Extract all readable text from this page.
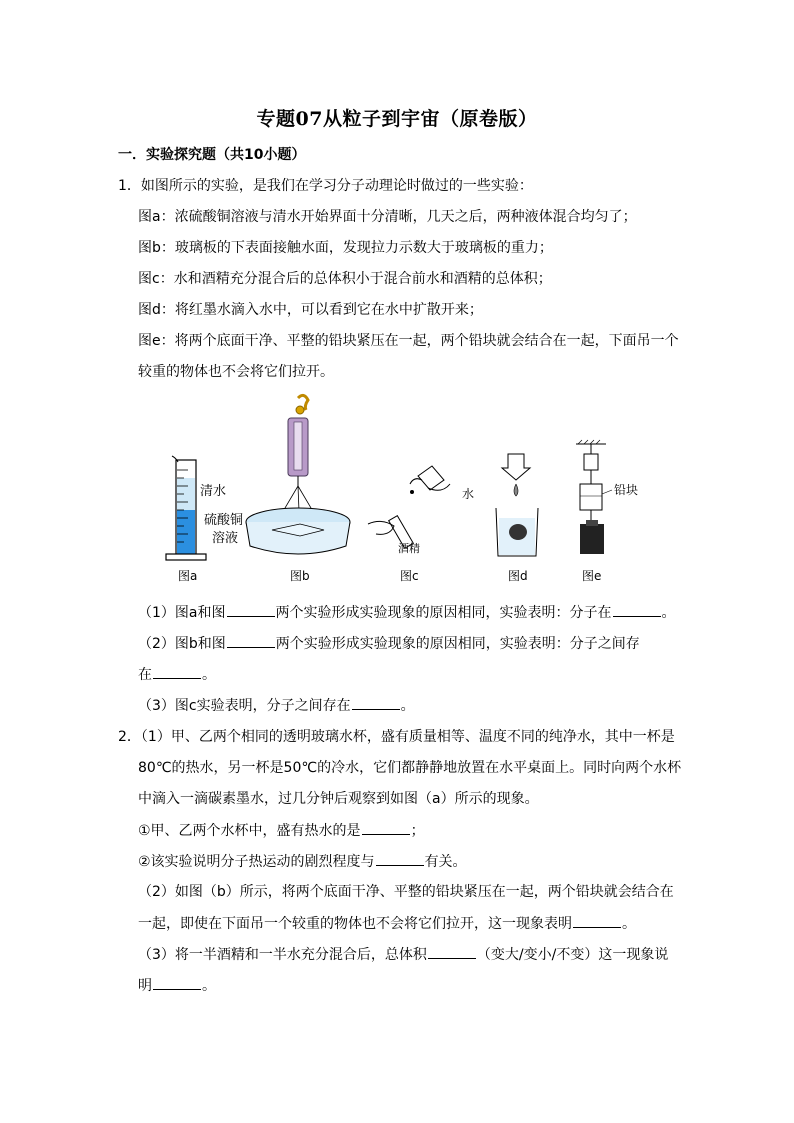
专题07从粒子到宇宙（原卷版）
一．实验探究题（共10小题）
1．如图所示的实验，是我们在学习分子动理论时做过的一些实验：
图a：浓硫酸铜溶液与清水开始界面十分清晰，几天之后，两种液体混合均匀了；
图b：玻璃板的下表面接触水面，发现拉力示数大于玻璃板的重力；
图c：水和酒精充分混合后的总体积小于混合前水和酒精的总体积；
图d：将红墨水滴入水中，可以看到它在水中扩散开来；
图e：将两个底面干净、平整的铅块紧压在一起，两个铅块就会结合在一起，下面吊一个
较重的物体也不会将它们拉开。
清水
硫酸铜
溶液
图a	图b
水
酒精
图c	图d
铅块
图e
（1）图a和图	两个实验形成实验现象的原因相同，实验表明：分子在	。
（2）图b和图	两个实验形成实验现象的原因相同，实验表明：分子之间存
在	。
（3）图c实验表明，分子之间存在	。
2．（1）甲、乙两个相同的透明玻璃水杯，盛有质量相等、温度不同的纯净水，其中一杯是
80℃的热水，另一杯是50℃的冷水，它们都静静地放置在水平桌面上。同时向两个水杯
中滴入一滴碳素墨水，过几分钟后观察到如图（a）所示的现象。
①甲、乙两个水杯中，盛有热水的是	；
②该实验说明分子热运动的剧烈程度与	有关。
（2）如图（b）所示，将两个底面干净、平整的铅块紧压在一起，两个铅块就会结合在
一起，即使在下面吊一个较重的物体也不会将它们拉开，这一现象表明	。
（3）将一半酒精和一半水充分混合后，总体积	（变大/变小/不变）这一现象说
明	。
